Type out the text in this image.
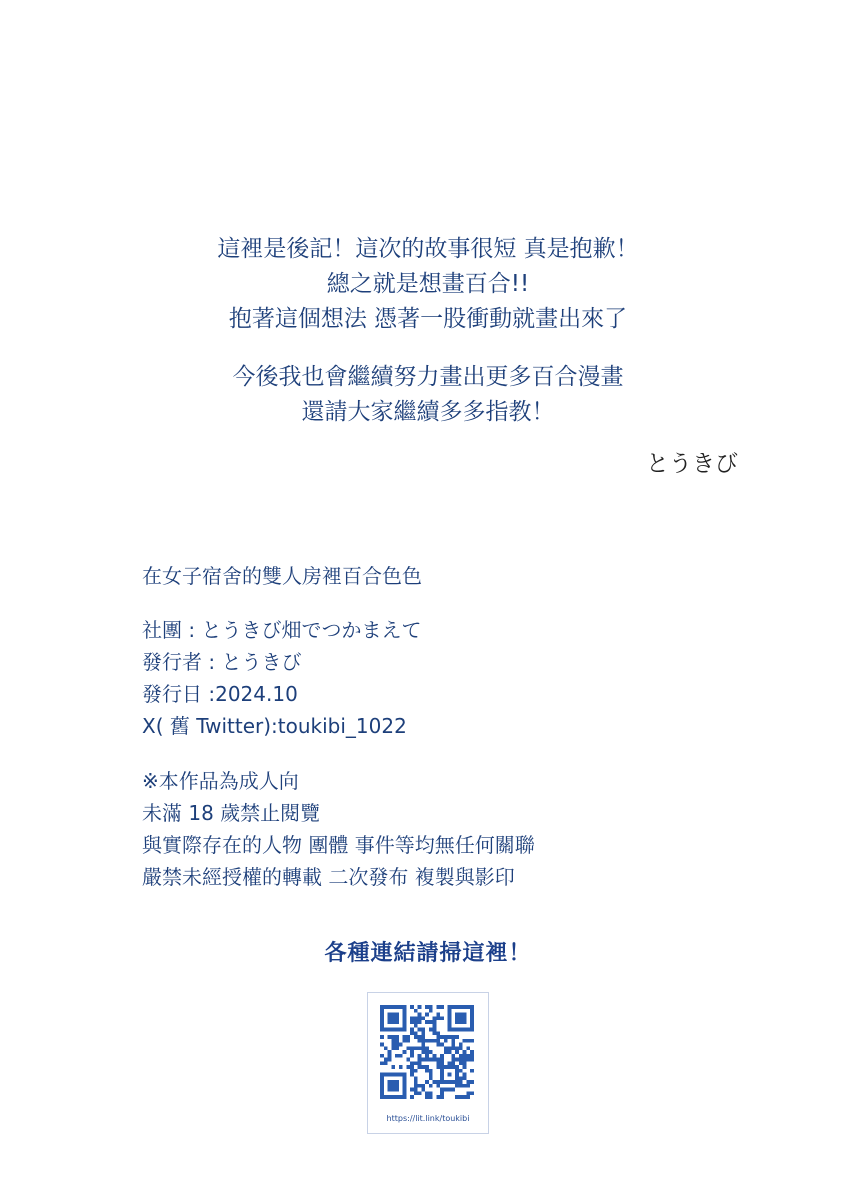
這裡是後記！這次的故事很短 真是抱歉！

總之就是想畫百合!!

抱著這個想法 憑著一股衝動就畫出來了

今後我也會繼續努力畫出更多百合漫畫

還請大家繼續多多指教！

とうきび
在女子宿舍的雙人房裡百合色色
社團 : とうきび畑でつかまえて
發行者 : とうきび
發行日 :2024.10
X( 舊 Twitter):toukibi_1022
※本作品為成人向
未滿 18 歲禁止閱覽
與實際存在的人物 團體 事件等均無任何關聯
嚴禁未經授權的轉載 二次發布 複製與影印
各種連結請掃這裡！
https://lit.link/toukibi
